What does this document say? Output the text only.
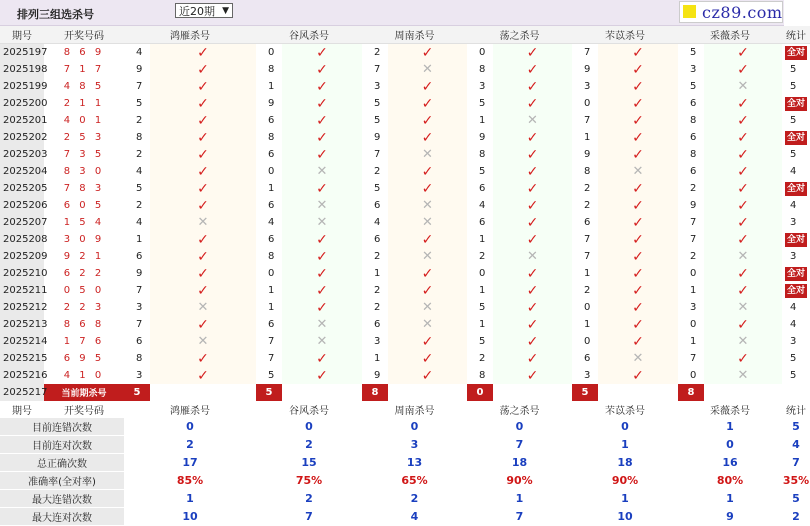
排列三组选杀号	近20期 ▼	cz89.com
期号	开奖号码	鸿雁杀号		谷风杀号		周南杀号		荡之杀号		芣苡杀号		采薇杀号		统计
2025197	8 6 9	4	✓	0	✓	2	✓	0	✓	7	✓	5	✓	全对
2025198	7 1 7	9	✓	8	✓	7	✕	8	✓	9	✓	3	✓	5
2025199	4 8 5	7	✓	1	✓	3	✓	3	✓	3	✓	5	✕	5
2025200	2 1 1	5	✓	9	✓	5	✓	5	✓	0	✓	6	✓	全对
2025201	4 0 1	2	✓	6	✓	5	✓	1	✕	7	✓	8	✓	5
2025202	2 5 3	8	✓	8	✓	9	✓	9	✓	1	✓	6	✓	全对
2025203	7 3 5	2	✓	6	✓	7	✕	8	✓	9	✓	8	✓	5
2025204	8 3 0	4	✓	0	✕	2	✓	5	✓	8	✕	6	✓	4
2025205	7 8 3	5	✓	1	✓	5	✓	6	✓	2	✓	2	✓	全对
2025206	6 0 5	2	✓	6	✕	6	✕	4	✓	2	✓	9	✓	4
2025207	1 5 4	4	✕	4	✕	4	✕	6	✓	6	✓	7	✓	3
2025208	3 0 9	1	✓	6	✓	6	✓	1	✓	7	✓	7	✓	全对
2025209	9 2 1	6	✓	8	✓	2	✕	2	✕	7	✓	2	✕	3
2025210	6 2 2	9	✓	0	✓	1	✓	0	✓	1	✓	0	✓	全对
2025211	0 5 0	7	✓	1	✓	2	✓	1	✓	2	✓	1	✓	全对
2025212	2 2 3	3	✕	1	✓	2	✕	5	✓	0	✓	3	✕	4
2025213	8 6 8	7	✓	6	✕	6	✕	1	✓	1	✓	0	✓	4
2025214	1 7 6	6	✕	7	✕	3	✓	5	✓	0	✓	1	✕	3
2025215	6 9 5	8	✓	7	✓	1	✓	2	✓	6	✕	7	✓	5
2025216	4 1 0	3	✓	5	✓	9	✓	8	✓	3	✓	0	✕	5
2025217	当前期杀号	5		5		8		0		5		8		
期号	开奖号码	鸿雁杀号		谷风杀号		周南杀号		荡之杀号		芣苡杀号		采薇杀号		统计
目前连错次数		0		0		0		0		0		1		5
目前连对次数		2		2		3		7		1		0		4
总正确次数		17		15		13		18		18		16		7
准确率(全对率)		85%		75%		65%		90%		90%		80%		35%
最大连错次数		1		2		2		1		1		1		5
最大连对次数		10		7		4		7		10		9		2
